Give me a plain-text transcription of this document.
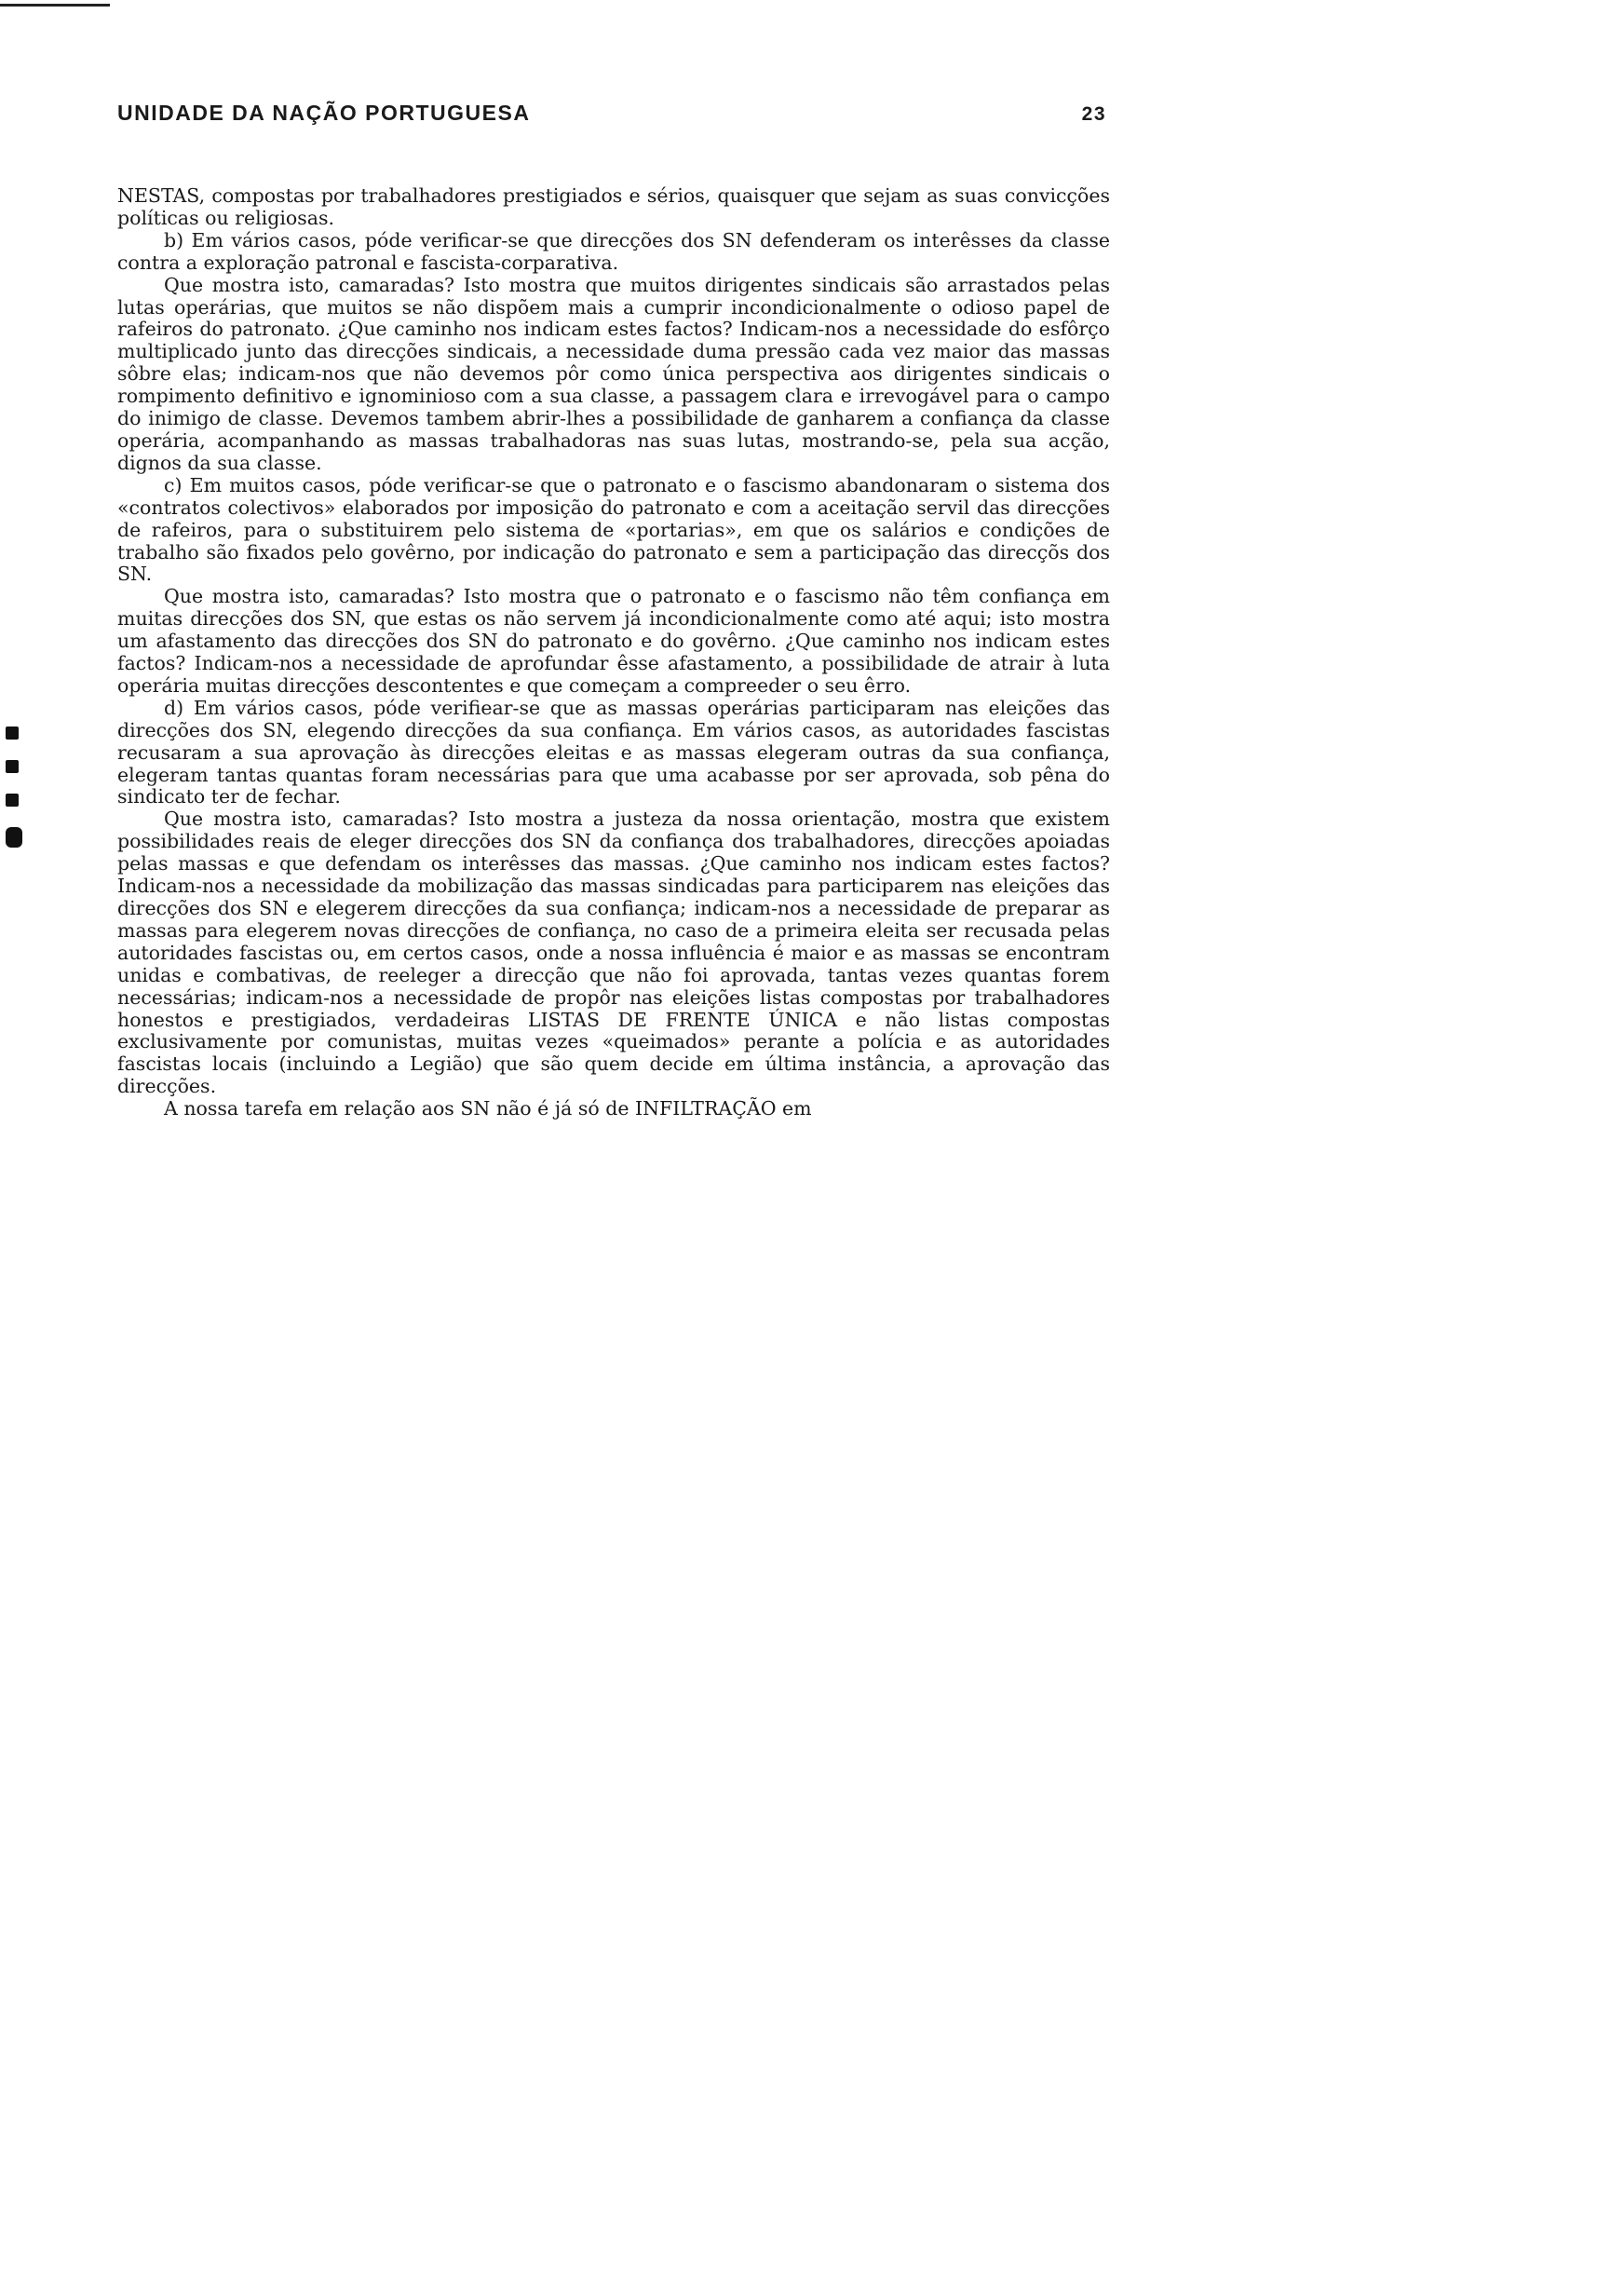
UNIDADE DA NAÇÃO PORTUGUESA	23

NESTAS, compostas por trabalhadores prestigiados e sérios, quaisquer que sejam as suas convicções políticas ou religiosas.

b) Em vários casos, póde verificar-se que direcções dos SN defenderam os interêsses da classe contra a exploração patronal e fascista-corparativa.

Que mostra isto, camaradas? Isto mostra que muitos dirigentes sindicais são arrastados pelas lutas operárias, que muitos se não dispõem mais a cumprir incondicionalmente o odioso papel de rafeiros do patronato. ¿Que caminho nos indicam estes factos? Indicam-nos a necessidade do esfôrço multiplicado junto das direcções sindicais, a necessidade duma pressão cada vez maior das massas sôbre elas; indicam-nos que não devemos pôr como única perspectiva aos dirigentes sindicais o rompimento definitivo e ignominioso com a sua classe, a passagem clara e irrevogável para o campo do inimigo de classe. Devemos tambem abrir-lhes a possibilidade de ganharem a confiança da classe operária, acompanhando as massas trabalhadoras nas suas lutas, mostrando-se, pela sua acção, dignos da sua classe.

c) Em muitos casos, póde verificar-se que o patronato e o fascismo abandonaram o sistema dos «contratos colectivos» elaborados por imposição do patronato e com a aceitação servil das direcções de rafeiros, para o substituirem pelo sistema de «portarias», em que os salários e condições de trabalho são fixados pelo govêrno, por indicação do patronato e sem a participação das direcçõs dos SN.

Que mostra isto, camaradas? Isto mostra que o patronato e o fascismo não têm confiança em muitas direcções dos SN, que estas os não servem já incondicionalmente como até aqui; isto mostra um afastamento das direcções dos SN do patronato e do govêrno. ¿Que caminho nos indicam estes factos? Indicam-nos a necessidade de aprofundar êsse afastamento, a possibilidade de atrair à luta operária muitas direcções descontentes e que começam a compreeder o seu êrro.

d) Em vários casos, póde verifiear-se que as massas operárias participaram nas eleições das direcções dos SN, elegendo direcções da sua confiança. Em vários casos, as autoridades fascistas recusaram a sua aprovação às direcções eleitas e as massas elegeram outras da sua confiança, elegeram tantas quantas foram necessárias para que uma acabasse por ser aprovada, sob pêna do sindicato ter de fechar.

Que mostra isto, camaradas? Isto mostra a justeza da nossa orientação, mostra que existem possibilidades reais de eleger direcções dos SN da confiança dos trabalhadores, direcções apoiadas pelas massas e que defendam os interêsses das massas. ¿Que caminho nos indicam estes factos? Indicam-nos a necessidade da mobilização das massas sindicadas para participarem nas eleições das direcções dos SN e elegerem direcções da sua confiança; indicam-nos a necessidade de preparar as massas para elegerem novas direcções de confiança, no caso de a primeira eleita ser recusada pelas autoridades fascistas ou, em certos casos, onde a nossa influência é maior e as massas se encontram unidas e combativas, de reeleger a direcção que não foi aprovada, tantas vezes quantas forem necessárias; indicam-nos a necessidade de propôr nas eleições listas compostas por trabalhadores honestos e prestigiados, verdadeiras LISTAS DE FRENTE ÚNICA e não listas compostas exclusivamente por comunistas, muitas vezes «queimados» perante a polícia e as autoridades fascistas locais (incluindo a Legião) que são quem decide em última instância, a aprovação das direcções.

A nossa tarefa em relação aos SN não é já só de INFILTRAÇÃO em
